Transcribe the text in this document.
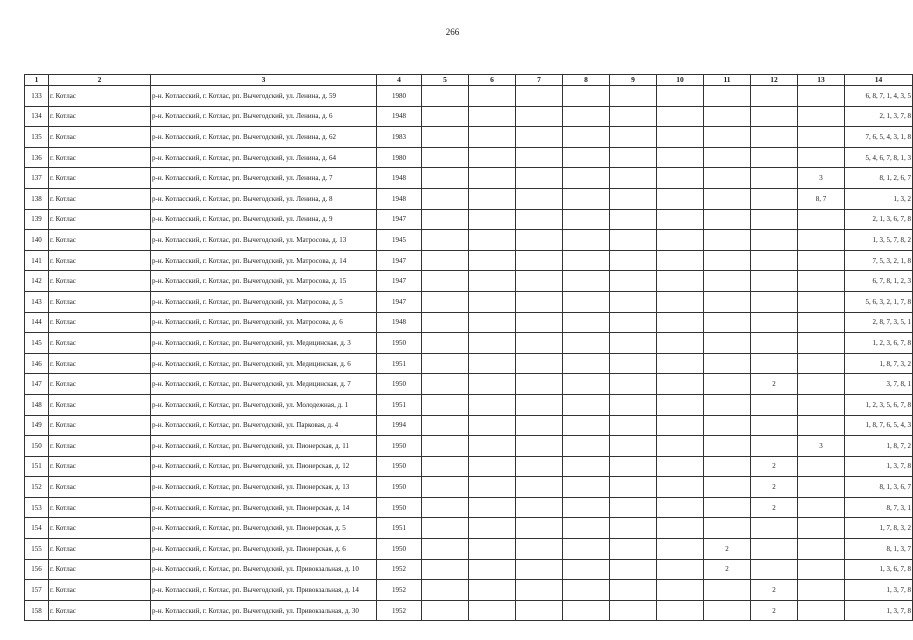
266
1	2	3	4	5	6	7	8	9	10	11	12	13	14
133	г. Котлас	р-н. Котласский, г. Котлас, рп. Вычегодский, ул. Ленина, д. 59	1980										6, 8, 7, 1, 4, 3, 5
134	г. Котлас	р-н. Котласский, г. Котлас, рп. Вычегодский, ул. Ленина, д. 6	1948										2, 1, 3, 7, 8
135	г. Котлас	р-н. Котласский, г. Котлас, рп. Вычегодский, ул. Ленина, д. 62	1983										7, 6, 5, 4, 3, 1, 8
136	г. Котлас	р-н. Котласский, г. Котлас, рп. Вычегодский, ул. Ленина, д. 64	1980										5, 4, 6, 7, 8, 1, 3
137	г. Котлас	р-н. Котласский, г. Котлас, рп. Вычегодский, ул. Ленина, д. 7	1948									3	8, 1, 2, 6, 7
138	г. Котлас	р-н. Котласский, г. Котлас, рп. Вычегодский, ул. Ленина, д. 8	1948									8, 7	1, 3, 2
139	г. Котлас	р-н. Котласский, г. Котлас, рп. Вычегодский, ул. Ленина, д. 9	1947										2, 1, 3, 6, 7, 8
140	г. Котлас	р-н. Котласский, г. Котлас, рп. Вычегодский, ул. Матросова, д. 13	1945										1, 3, 5, 7, 8, 2
141	г. Котлас	р-н. Котласский, г. Котлас, рп. Вычегодский, ул. Матросова, д. 14	1947										7, 5, 3, 2, 1, 8
142	г. Котлас	р-н. Котласский, г. Котлас, рп. Вычегодский, ул. Матросова, д. 15	1947										6, 7, 8, 1, 2, 3
143	г. Котлас	р-н. Котласский, г. Котлас, рп. Вычегодский, ул. Матросова, д. 5	1947										5, 6, 3, 2, 1, 7, 8
144	г. Котлас	р-н. Котласский, г. Котлас, рп. Вычегодский, ул. Матросова, д. 6	1948										2, 8, 7, 3, 5, 1
145	г. Котлас	р-н. Котласский, г. Котлас, рп. Вычегодский, ул. Медицинская, д. 3	1950										1, 2, 3, 6, 7, 8
146	г. Котлас	р-н. Котласский, г. Котлас, рп. Вычегодский, ул. Медицинская, д. 6	1951										1, 8, 7, 3, 2
147	г. Котлас	р-н. Котласский, г. Котлас, рп. Вычегодский, ул. Медицинская, д. 7	1950								2		3, 7, 8, 1
148	г. Котлас	р-н. Котласский, г. Котлас, рп. Вычегодский, ул. Молодежная, д. 1	1951										1, 2, 3, 5, 6, 7, 8
149	г. Котлас	р-н. Котласский, г. Котлас, рп. Вычегодский, ул. Парковая, д. 4	1994										1, 8, 7, 6, 5, 4, 3
150	г. Котлас	р-н. Котласский, г. Котлас, рп. Вычегодский, ул. Пионерская, д. 11	1950									3	1, 8, 7, 2
151	г. Котлас	р-н. Котласский, г. Котлас, рп. Вычегодский, ул. Пионерская, д. 12	1950								2		1, 3, 7, 8
152	г. Котлас	р-н. Котласский, г. Котлас, рп. Вычегодский, ул. Пионерская, д. 13	1950								2		8, 1, 3, 6, 7
153	г. Котлас	р-н. Котласский, г. Котлас, рп. Вычегодский, ул. Пионерская, д. 14	1950								2		8, 7, 3, 1
154	г. Котлас	р-н. Котласский, г. Котлас, рп. Вычегодский, ул. Пионерская, д. 5	1951										1, 7, 8, 3, 2
155	г. Котлас	р-н. Котласский, г. Котлас, рп. Вычегодский, ул. Пионерская, д. 6	1950							2			8, 1, 3, 7
156	г. Котлас	р-н. Котласский, г. Котлас, рп. Вычегодский, ул. Привокзальная, д. 10	1952							2			1, 3, 6, 7, 8
157	г. Котлас	р-н. Котласский, г. Котлас, рп. Вычегодский, ул. Привокзальная, д. 14	1952								2		1, 3, 7, 8
158	г. Котлас	р-н. Котласский, г. Котлас, рп. Вычегодский, ул. Привокзальная, д. 30	1952								2		1, 3, 7, 8
